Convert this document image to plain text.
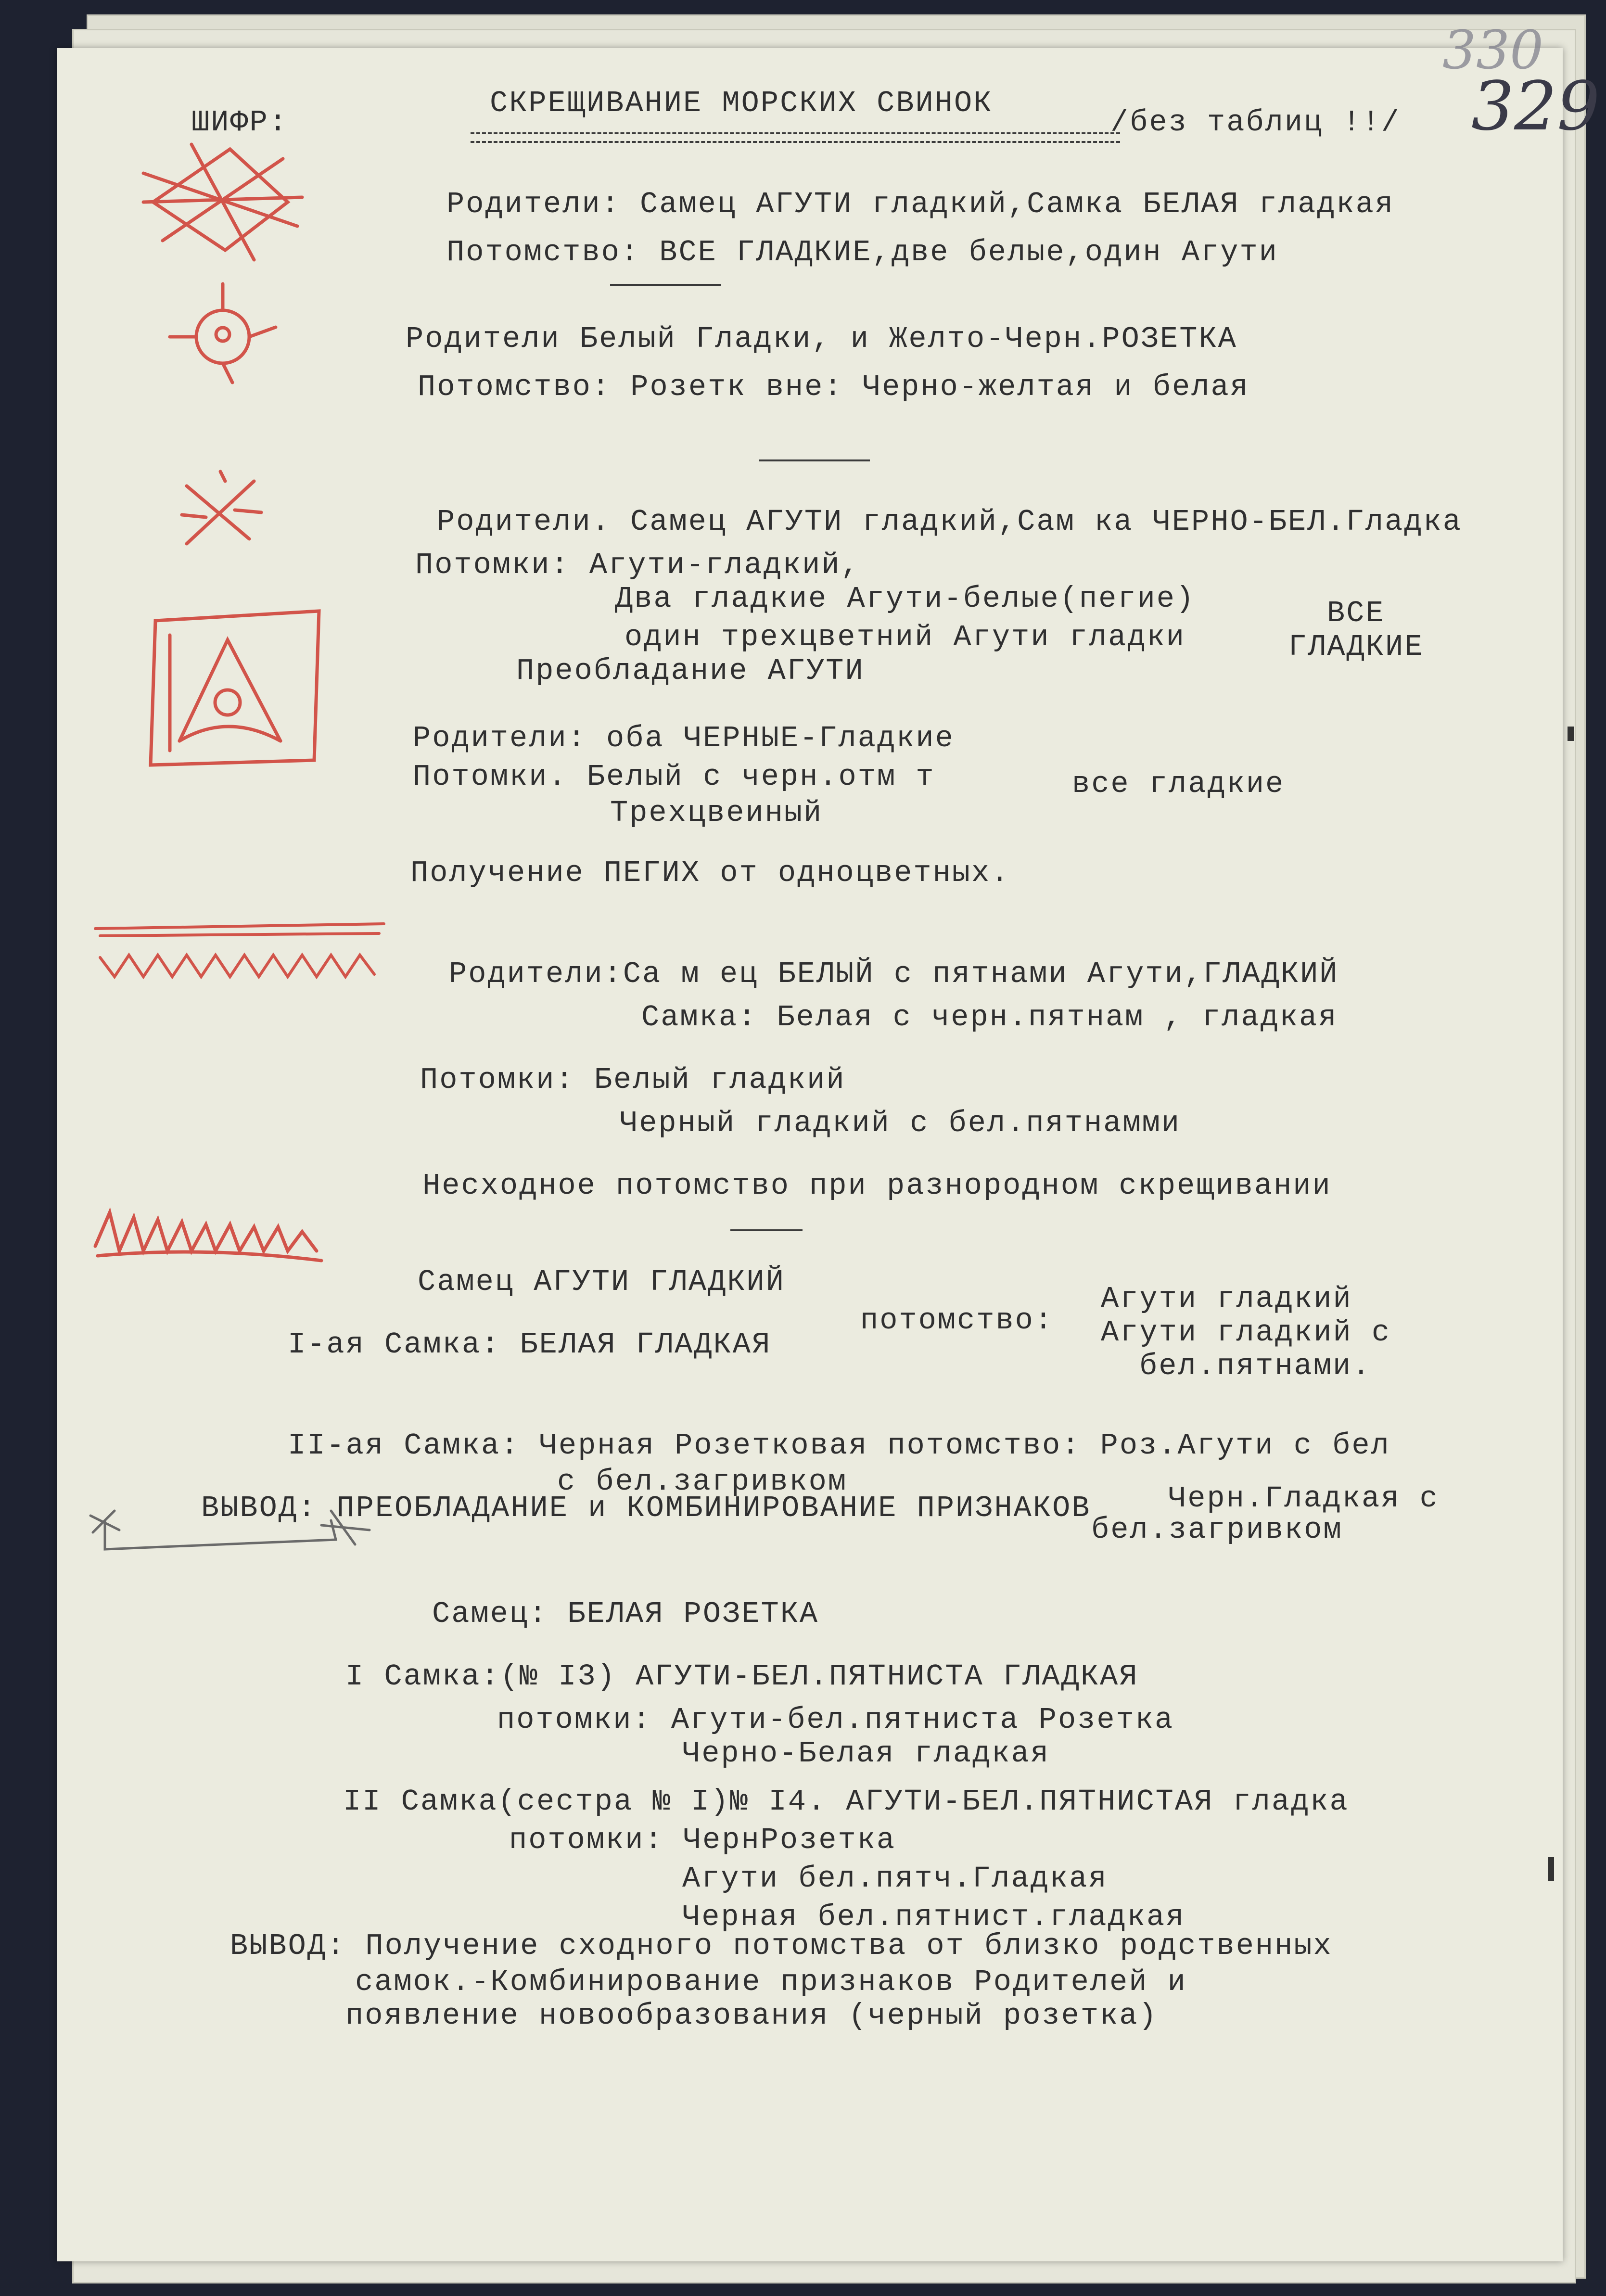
330
329
ШИФР:
СКРЕЩИВАНИЕ МОРСКИХ СВИНОК
/без таблиц !!/
Родители: Самец АГУТИ гладкий,Самка БЕЛАЯ гладкая
Потомство: ВСЕ ГЛАДКИЕ,две белые,один Агути
Родители Белый Гладки, и Желто-Черн.РОЗЕТКА
Потомство: Розетк вне: Черно-желтая и белая
Родители. Самец АГУТИ гладкий,Сам ка ЧЕРНО-БЕЛ.Гладка
Потомки: Агути-гладкий,
Два гладкие Агути-белые(пегие)
один трехцветний Агути гладки
Преобладание АГУТИ
ВСЕ
ГЛАДКИЕ
Родители: оба ЧЕРНЫЕ-Гладкие
Потомки. Белый с черн.отм т
Трехцвеиный
все гладкие
Получение ПЕГИХ от одноцветных.
Родители:Са м ец БЕЛЫЙ с пятнами Агути,ГЛАДКИЙ
Самка: Белая с черн.пятнам , гладкая
Потомки: Белый гладкий
Черный гладкий с бел.пятнамми
Несходное потомство при разнородном скрещивании
Самец АГУТИ ГЛАДКИЙ
I-ая Самка: БЕЛАЯ ГЛАДКАЯ
потомство:
Агути гладкий
Агути гладкий с
бел.пятнами.
II-ая Самка: Черная Розетковая потомство: Роз.Агути с бел
с бел.загривком	Черн.Гладкая с
ВЫВОД: ПРЕОБЛАДАНИЕ и КОМБИНИРОВАНИЕ ПРИЗНАКОВ
бел.загривком
Самец: БЕЛАЯ РОЗЕТКА
I Самка:(№ I3) АГУТИ-БЕЛ.ПЯТНИСТА ГЛАДКАЯ
потомки: Агути-бел.пятниста Розетка
Черно-Белая гладкая
II Самка(сестра № I)№ I4. АГУТИ-БЕЛ.ПЯТНИСТАЯ гладка
потомки: ЧернРозетка
Агути бел.пятч.Гладкая
Черная бел.пятнист.гладкая
ВЫВОД: Получение сходного потомства от близко родственных
самок.-Комбинирование признаков Родителей и
появление новообразования (черный розетка)
